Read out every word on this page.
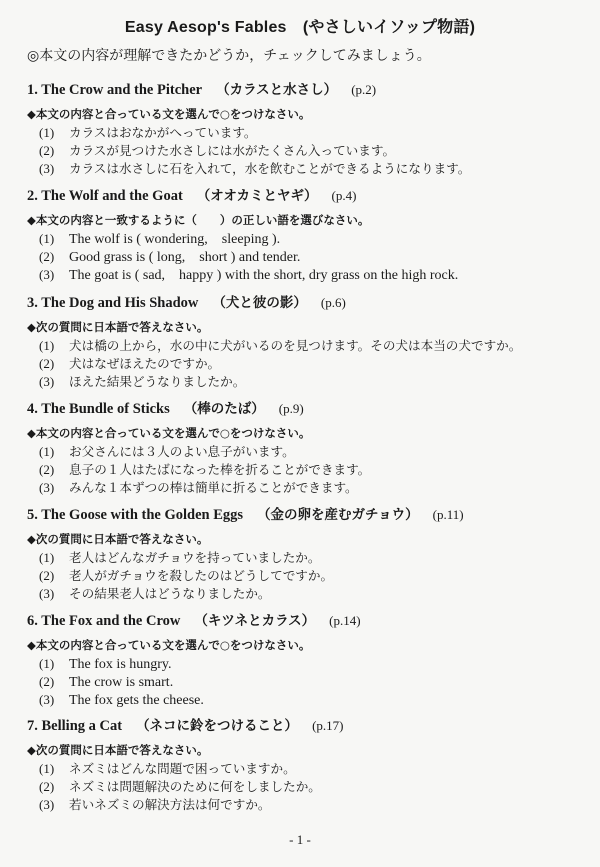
Easy Aesop's Fables　(やさしいイソップ物語)
◎本文の内容が理解できたかどうか，チェックしてみましょう。
1. The Crow and the Pitcher （カラスと水さし） (p.2)
◆本文の内容と合っている文を選んで○をつけなさい。
(1) カラスはおなかがへっています。
(2) カラスが見つけた水さしには水がたくさん入っています。
(3) カラスは水さしに石を入れて，水を飲むことができるようになります。
2. The Wolf and the Goat （オオカミとヤギ） (p.4)
◆本文の内容と一致するように（　　）の正しい語を選びなさい。
(1) The wolf is ( wondering,　sleeping ).
(2) Good grass is ( long,　short ) and tender.
(3) The goat is ( sad,　happy ) with the short, dry grass on the high rock.
3. The Dog and His Shadow （犬と彼の影） (p.6)
◆次の質問に日本語で答えなさい。
(1) 犬は橋の上から，水の中に犬がいるのを見つけます。その犬は本当の犬ですか。
(2) 犬はなぜほえたのですか。
(3) ほえた結果どうなりましたか。
4. The Bundle of Sticks （棒のたば） (p.9)
◆本文の内容と合っている文を選んで○をつけなさい。
(1) お父さんには３人のよい息子がいます。
(2) 息子の１人はたばになった棒を折ることができます。
(3) みんな１本ずつの棒は簡単に折ることができます。
5. The Goose with the Golden Eggs （金の卵を産むガチョウ） (p.11)
◆次の質問に日本語で答えなさい。
(1) 老人はどんなガチョウを持っていましたか。
(2) 老人がガチョウを殺したのはどうしてですか。
(3) その結果老人はどうなりましたか。
6. The Fox and the Crow （キツネとカラス） (p.14)
◆本文の内容と合っている文を選んで○をつけなさい。
(1) The fox is hungry.
(2) The crow is smart.
(3) The fox gets the cheese.
7. Belling a Cat （ネコに鈴をつけること） (p.17)
◆次の質問に日本語で答えなさい。
(1) ネズミはどんな問題で困っていますか。
(2) ネズミは問題解決のために何をしましたか。
(3) 若いネズミの解決方法は何ですか。
- 1 -
